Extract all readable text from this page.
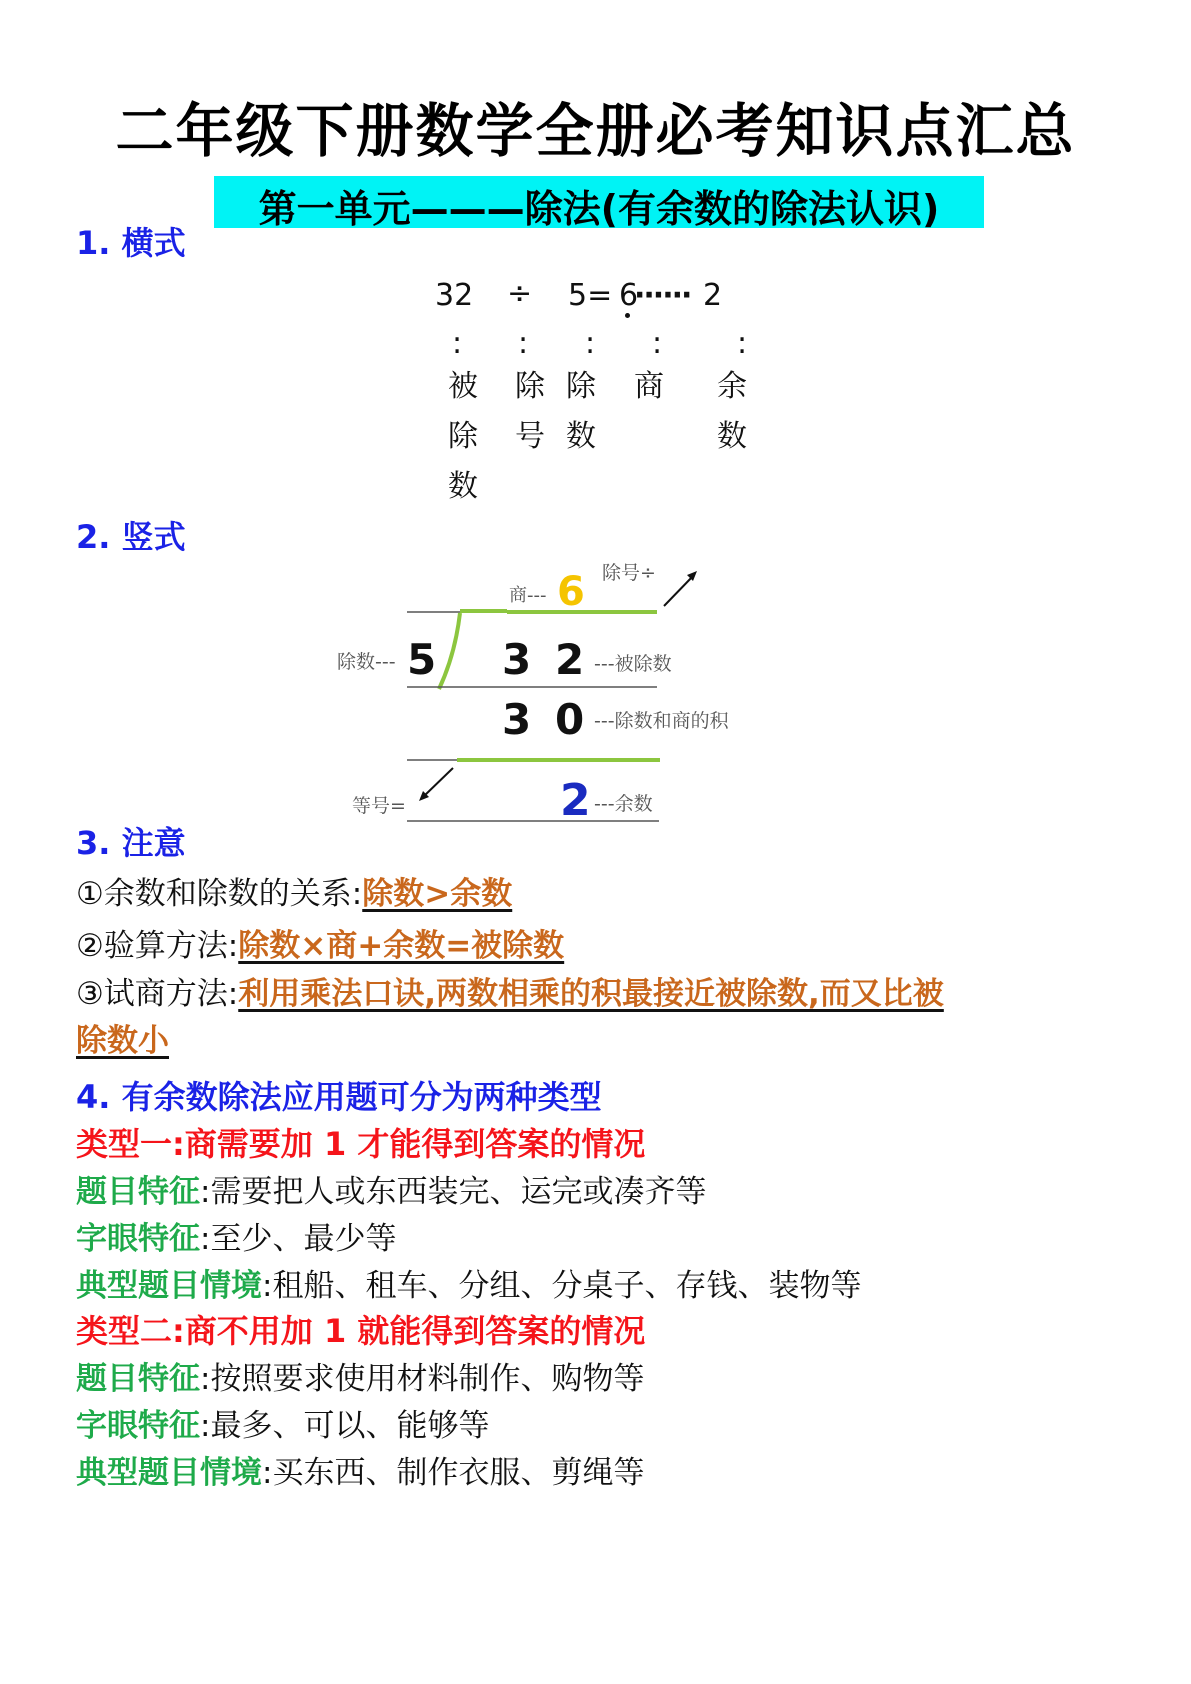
二年级下册数学全册必考知识点汇总
第一单元———除法(有余数的除法认识)
1. 横式
32 ÷ 5= 6
······ 2
: : : : :
被
除
数
除
号
除
数
商 余
数
2. 竖式
除号÷
商--- 6
除数--- 5 3 2 ---被除数
3 0 ---除数和商的积
等号=	2 ---余数
3. 注意
①余数和除数的关系:除数>余数
②验算方法:除数×商+余数=被除数
③试商方法:利用乘法口诀,两数相乘的积最接近被除数,而又比被
除数小
4. 有余数除法应用题可分为两种类型
类型一:商需要加 1 才能得到答案的情况
题目特征:需要把人或东西装完、运完或凑齐等
字眼特征:至少、最少等
典型题目情境:租船、租车、分组、分桌子、存钱、装物等
类型二:商不用加 1 就能得到答案的情况
题目特征:按照要求使用材料制作、购物等
字眼特征:最多、可以、能够等
典型题目情境:买东西、制作衣服、剪绳等
